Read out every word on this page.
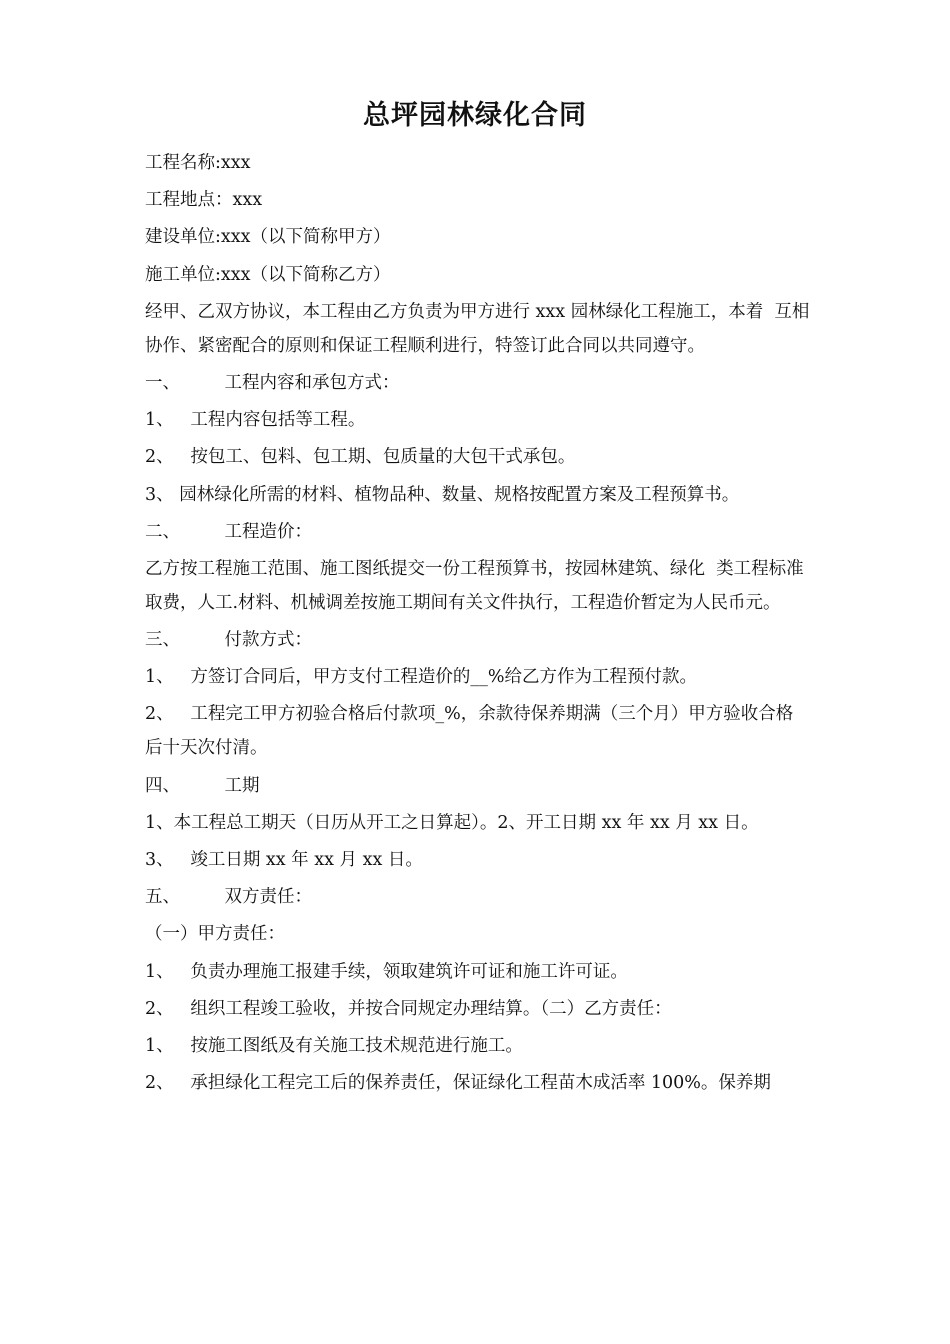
总坪园林绿化合同

工程名称:xxx

工程地点：xxx

建设单位:xxx（以下简称甲方）

施工单位:xxx（以下简称乙方）

经甲、乙双方协议，本工程由乙方负责为甲方进行 xxx 园林绿化工程施工，本着  互相协作、紧密配合的原则和保证工程顺利进行，特签订此合同以共同遵守。

一、        工程内容和承包方式：

1、   工程内容包括等工程。

2、   按包工、包料、包工期、包质量的大包干式承包。

3、 园林绿化所需的材料、植物品种、数量、规格按配置方案及工程预算书。

二、        工程造价：

乙方按工程施工范围、施工图纸提交一份工程预算书，按园林建筑、绿化  类工程标准取费，人工.材料、机械调差按施工期间有关文件执行，工程造价暂定为人民币元。

三、        付款方式：

1、   方签订合同后，甲方支付工程造价的__%给乙方作为工程预付款。

2、   工程完工甲方初验合格后付款项_%，余款待保养期满（三个月）甲方验收合格  后十天次付清。

四、        工期

1、本工程总工期天（日历从开工之日算起）。2、开工日期 xx 年 xx 月 xx 日。

3、   竣工日期 xx 年 xx 月 xx 日。

五、        双方责任：

（一）甲方责任：

1、   负责办理施工报建手续，领取建筑许可证和施工许可证。

2、   组织工程竣工验收，并按合同规定办理结算。（二）乙方责任：

1、   按施工图纸及有关施工技术规范进行施工。

2、   承担绿化工程完工后的保养责任，保证绿化工程苗木成活率 100%。保养期
